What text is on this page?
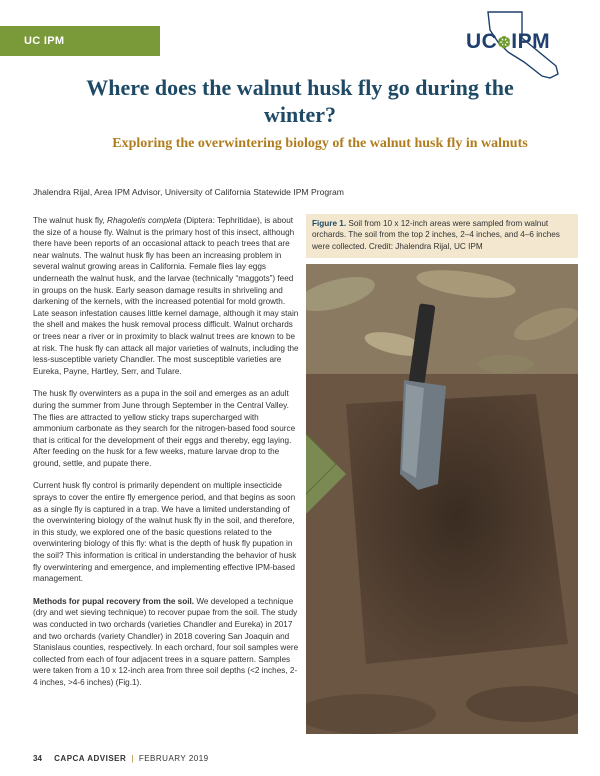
UC IPM	UC❆IPM
Where does the walnut husk fly go during the winter?
Exploring the overwintering biology of the walnut husk fly in walnuts
Jhalendra Rijal, Area IPM Advisor, University of California Statewide IPM Program

The walnut husk fly, Rhagoletis completa (Diptera: Tephritidae), is about the size of a house fly. Walnut is the primary host of this insect, although there have been reports of an occasional attack to peach trees that are near walnuts. The walnut husk fly has been an increasing problem in several walnut growing areas in California. Female flies lay eggs underneath the walnut husk, and the larvae (technically “maggots”) feed in groups on the husk. Early season damage results in shriveling and darkening of the kernels, with the increased potential for mold growth. Late season infestation causes little kernel damage, although it may stain the shell and makes the husk removal process difficult. Walnut orchards or trees near a river or in proximity to black walnut trees are known to be at risk. The husk fly can attack all major varieties of walnuts, including the less-susceptible variety Chandler. The most susceptible varieties are Eureka, Payne, Hartley, Serr, and Tulare.

The husk fly overwinters as a pupa in the soil and emerges as an adult during the summer from June through September in the Central Valley. The flies are attracted to yellow sticky traps supercharged with ammonium carbonate as they search for the nitrogen-based food source that is critical for the development of their eggs and thereby, egg laying. After feeding on the husk for a few weeks, mature larvae drop to the ground, settle, and pupate there.

Current husk fly control is primarily dependent on multiple insecticide sprays to cover the entire fly emergence period, and that begins as soon as a single fly is captured in a trap. We have a limited understanding of the overwintering biology of the walnut husk fly in the soil, and therefore, in this study, we explored one of the basic questions related to the overwintering biology of this fly: what is the depth of husk fly pupation in the soil? This information is critical in understanding the behavior of husk fly overwintering and emergence, and implementing effective IPM-based management.

Methods for pupal recovery from the soil. We developed a technique (dry and wet sieving technique) to recover pupae from the soil. The study was conducted in two orchards (varieties Chandler and Eureka) in 2017 and two orchards (variety Chandler) in 2018 covering San Joaquin and Stanislaus counties, respectively. In each orchard, four soil samples were collected from each of four adjacent trees in a square pattern. Samples were taken from a 10 x 12-inch area from three soil depths (<2 inches, 2-4 inches, >4-6 inches) (Fig.1).

Figure 1. Soil from 10 x 12-inch areas were sampled from walnut orchards. The soil from the top 2 inches, 2–4 inches, and 4–6 inches were collected. Credit: Jhalendra Rijal, UC IPM
34 CAPCA ADVISER | FEBRUARY 2019
